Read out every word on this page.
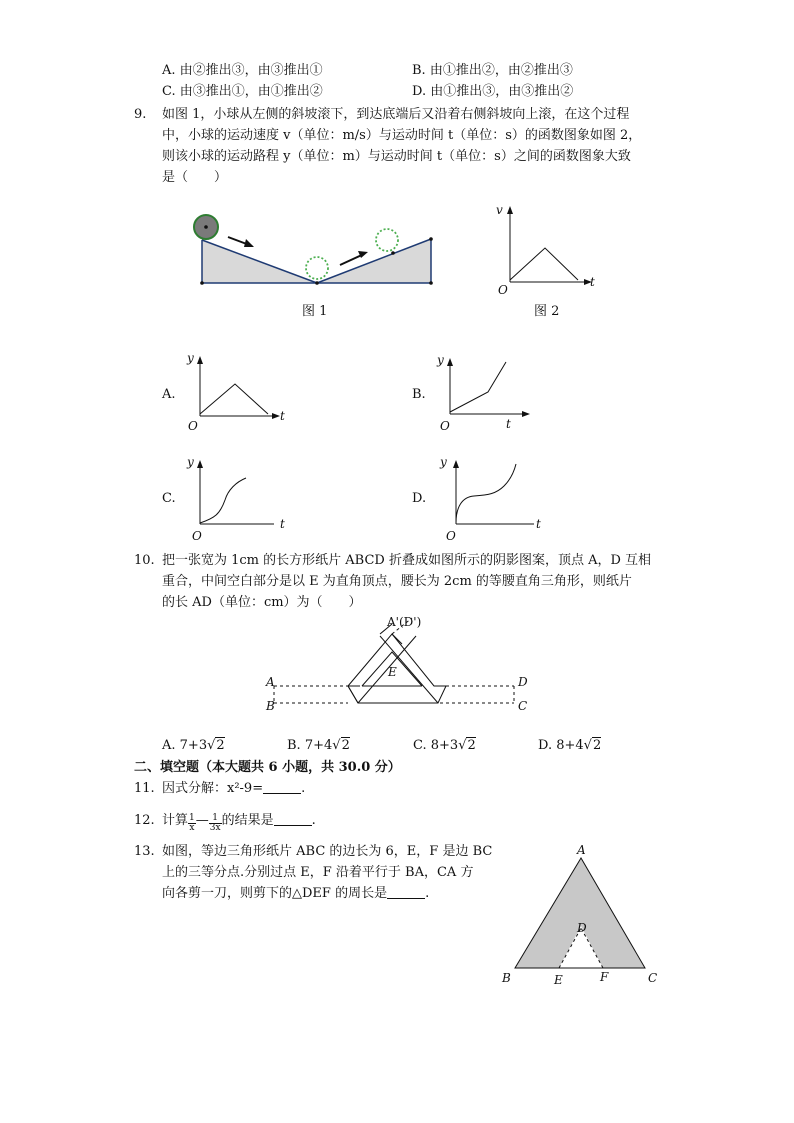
A. 由②推出③，由③推出①	B. 由①推出②，由②推出③
C. 由③推出①，由①推出②	D. 由①推出③，由③推出②
9. 如图 1，小球从左侧的斜坡滚下，到达底端后又沿着右侧斜坡向上滚，在这个过程
中，小球的运动速度 v（单位：m/s）与运动时间 t（单位：s）的函数图象如图 2，
则该小球的运动路程 y（单位：m）与运动时间 t（单位：s）之间的函数图象大致
是（　　）
图 1
v
t
O
图 2
A.
y
t
O
B.
y
t
O
C.
y
t
O
D.
y
t
O
10. 把一张宽为 1cm 的长方形纸片 ABCD 折叠成如图所示的阴影图案，顶点 A，D 互相
重合，中间空白部分是以 E 为直角顶点，腰长为 2cm 的等腰直角三角形，则纸片
的长 AD（单位：cm）为（　　）
A'(D')
E
A
B	C
D
A. 7+3√2	B. 7+4√2	C. 8+3√2	D. 8+4√2
二、填空题（本大题共 6 小题，共 30.0 分）
11. 因式分解：x²-9=	.
12. 计算 $\frac{1}{x}$ — $\frac{1}{3x}$ 的结果是	.
13. 如图，等边三角形纸片 ABC 的边长为 6，E，F 是边 BC
上的三等分点.分别过点 E，F 沿着平行于 BA，CA 方
向各剪一刀，则剪下的△DEF 的周长是	.
A
B	C
D
E	F
